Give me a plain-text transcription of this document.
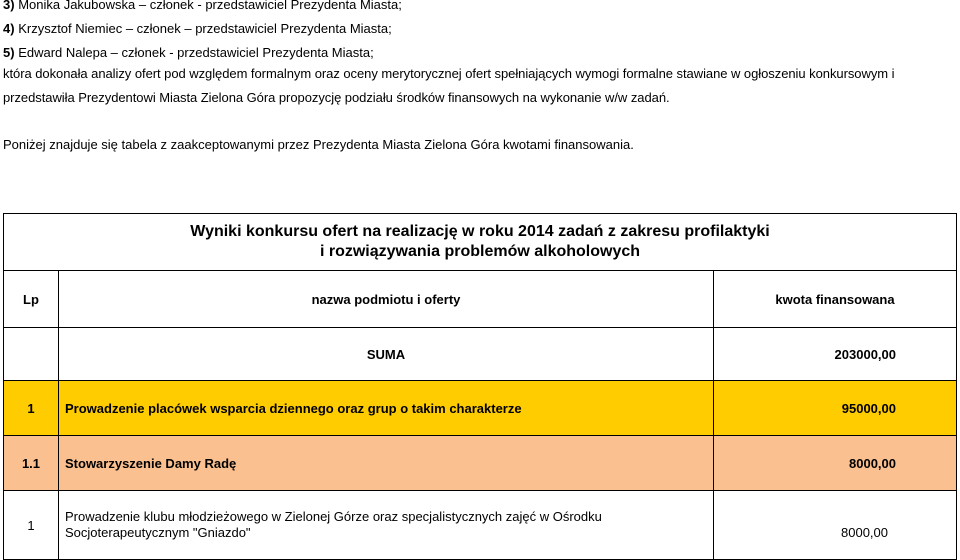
3) Monika Jakubowska – członek - przedstawiciel Prezydenta Miasta;
4) Krzysztof Niemiec – członek – przedstawiciel Prezydenta Miasta;
5) Edward Nalepa – członek - przedstawiciel Prezydenta Miasta;
która dokonała analizy ofert pod względem formalnym oraz oceny merytorycznej ofert spełniających wymogi formalne stawiane w ogłoszeniu konkursowym i przedstawiła Prezydentowi Miasta Zielona Góra propozycję podziału środków finansowych na wykonanie w/w zadań.
Poniżej znajduje się tabela z zaakceptowanymi przez Prezydenta Miasta Zielona Góra kwotami finansowania.
Wyniki konkursu ofert na realizację w roku 2014 zadań z zakresu profilaktyki
i rozwiązywania problemów alkoholowych		

Lp	nazwa podmiotu i oferty	kwota finansowana
	SUMA	203000,00
1	Prowadzenie placówek wsparcia dziennego oraz grup o takim charakterze	95000,00
1.1	Stowarzyszenie Damy Radę	8000,00
1	Prowadzenie klubu młodzieżowego w Zielonej Górze oraz specjalistycznych zajęć w Ośrodku Socjoterapeutycznym "Gniazdo"	8000,00
